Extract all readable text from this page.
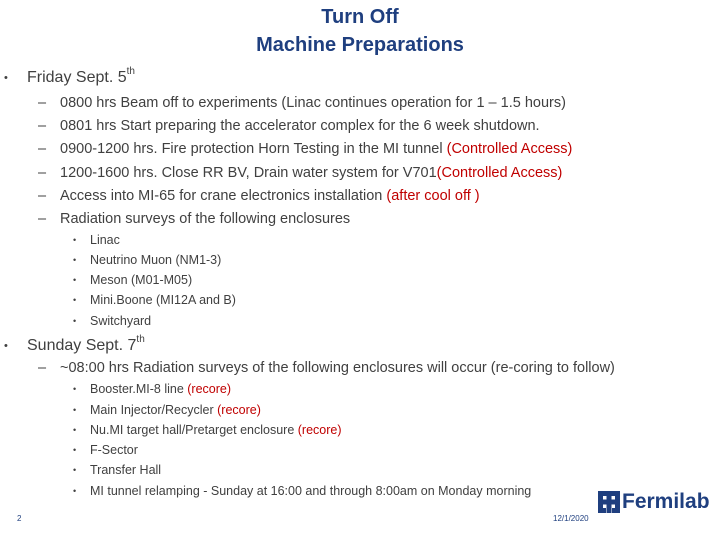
Turn Off
Machine Preparations
• Friday Sept. 5th
– 0800 hrs Beam off to experiments (Linac continues operation for 1 – 1.5 hours)
– 0801 hrs Start preparing the accelerator complex for the 6 week shutdown.
– 0900-1200 hrs. Fire protection Horn Testing in the MI tunnel (Controlled Access)
– 1200-1600 hrs. Close RR BV, Drain water system for V701(Controlled Access)
– Access into MI-65 for crane electronics installation (after cool off )
– Radiation surveys of the following enclosures
• Linac
• Neutrino Muon (NM1-3)
• Meson (M01-M05)
• Mini.Boone (MI12A and B)
• Switchyard
• Sunday Sept. 7th
– ~08:00 hrs Radiation surveys of the following enclosures will occur (re-coring to follow)
• Booster.MI-8 line (recore)
• Main Injector/Recycler (recore)
• Nu.MI target hall/Pretarget enclosure (recore)
• F-Sector
• Transfer Hall
• MI tunnel relamping - Sunday at 16:00 and through 8:00am on Monday morning
2	12/1/2020
Fermilab
